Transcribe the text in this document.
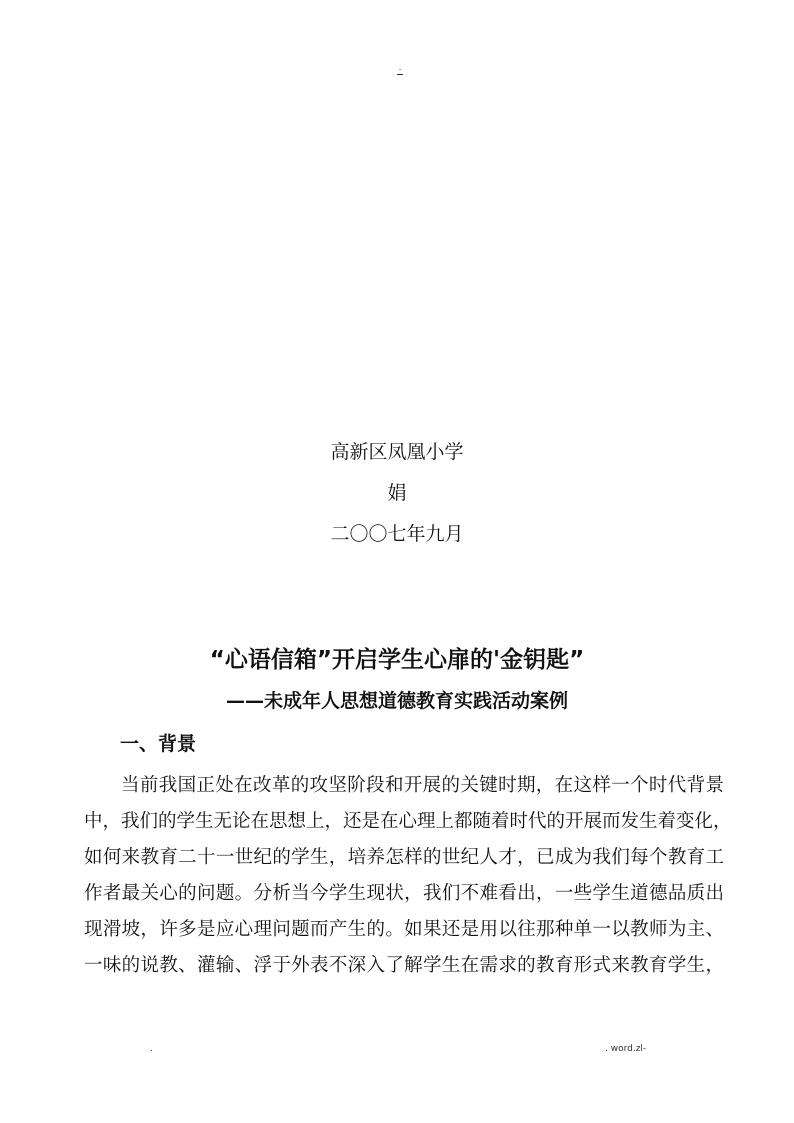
.
高新区凤凰小学
娟
二〇〇七年九月
“心语信箱”开启学生心扉的'金钥匙”
——未成年人思想道德教育实践活动案例
一、背景
当前我国正处在改革的攻坚阶段和开展的关键时期，在这样一个时代背景
中，我们的学生无论在思想上，还是在心理上都随着时代的开展而发生着变化，
如何来教育二十一世纪的学生，培养怎样的世纪人才，已成为我们每个教育工
作者最关心的问题。分析当今学生现状，我们不难看出，一些学生道德品质出
现滑坡，许多是应心理问题而产生的。如果还是用以往那种单一以教师为主、
一味的说教、灌输、浮于外表不深入了解学生在需求的教育形式来教育学生，
.	. word.zl-
